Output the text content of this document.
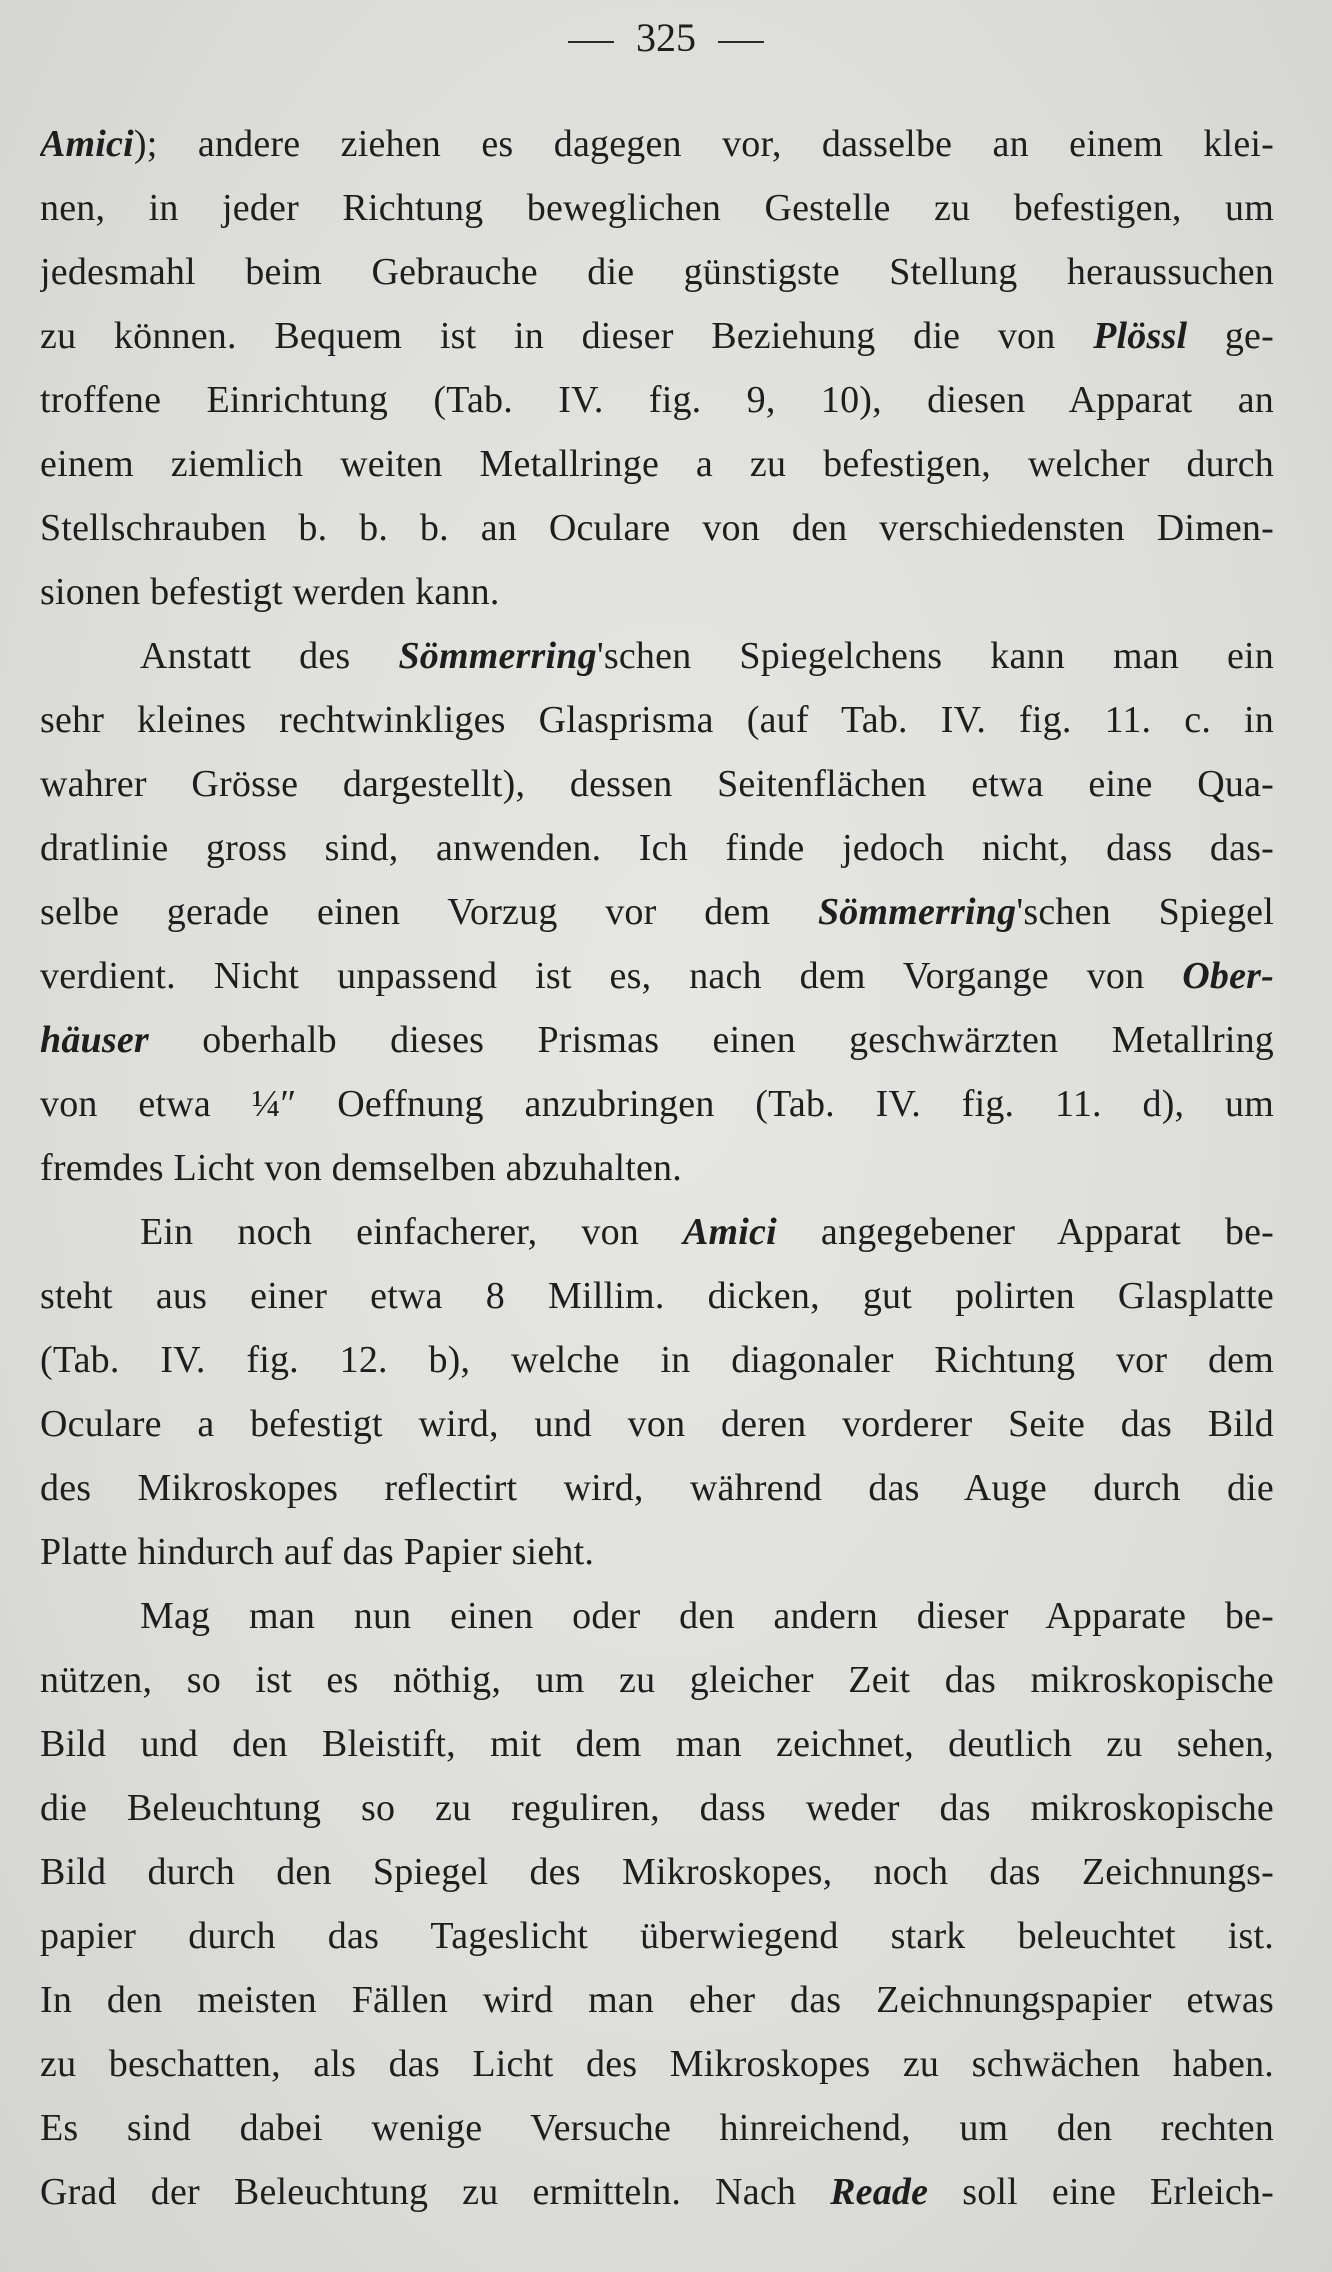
325
Amici); andere ziehen es dagegen vor, dasselbe an einem klei-
nen, in jeder Richtung beweglichen Gestelle zu befestigen, um
jedesmahl beim Gebrauche die günstigste Stellung heraussuchen
zu können. Bequem ist in dieser Beziehung die von Plössl ge-
troffene Einrichtung (Tab. IV. fig. 9, 10), diesen Apparat an
einem ziemlich weiten Metallringe a zu befestigen, welcher durch
Stellschrauben b. b. b. an Oculare von den verschiedensten Dimen-
sionen befestigt werden kann.
Anstatt des Sömmerring'schen Spiegelchens kann man ein
sehr kleines rechtwinkliges Glasprisma (auf Tab. IV. fig. 11. c. in
wahrer Grösse dargestellt), dessen Seitenflächen etwa eine Qua-
dratlinie gross sind, anwenden. Ich finde jedoch nicht, dass das-
selbe gerade einen Vorzug vor dem Sömmerring'schen Spiegel
verdient. Nicht unpassend ist es, nach dem Vorgange von Ober-
häuser oberhalb dieses Prismas einen geschwärzten Metallring
von etwa ¼″ Oeffnung anzubringen (Tab. IV. fig. 11. d), um
fremdes Licht von demselben abzuhalten.
Ein noch einfacherer, von Amici angegebener Apparat be-
steht aus einer etwa 8 Millim. dicken, gut polirten Glasplatte
(Tab. IV. fig. 12. b), welche in diagonaler Richtung vor dem
Oculare a befestigt wird, und von deren vorderer Seite das Bild
des Mikroskopes reflectirt wird, während das Auge durch die
Platte hindurch auf das Papier sieht.
Mag man nun einen oder den andern dieser Apparate be-
nützen, so ist es nöthig, um zu gleicher Zeit das mikroskopische
Bild und den Bleistift, mit dem man zeichnet, deutlich zu sehen,
die Beleuchtung so zu reguliren, dass weder das mikroskopische
Bild durch den Spiegel des Mikroskopes, noch das Zeichnungs-
papier durch das Tageslicht überwiegend stark beleuchtet ist.
In den meisten Fällen wird man eher das Zeichnungspapier etwas
zu beschatten, als das Licht des Mikroskopes zu schwächen haben.
Es sind dabei wenige Versuche hinreichend, um den rechten
Grad der Beleuchtung zu ermitteln. Nach Reade soll eine Erleich-
